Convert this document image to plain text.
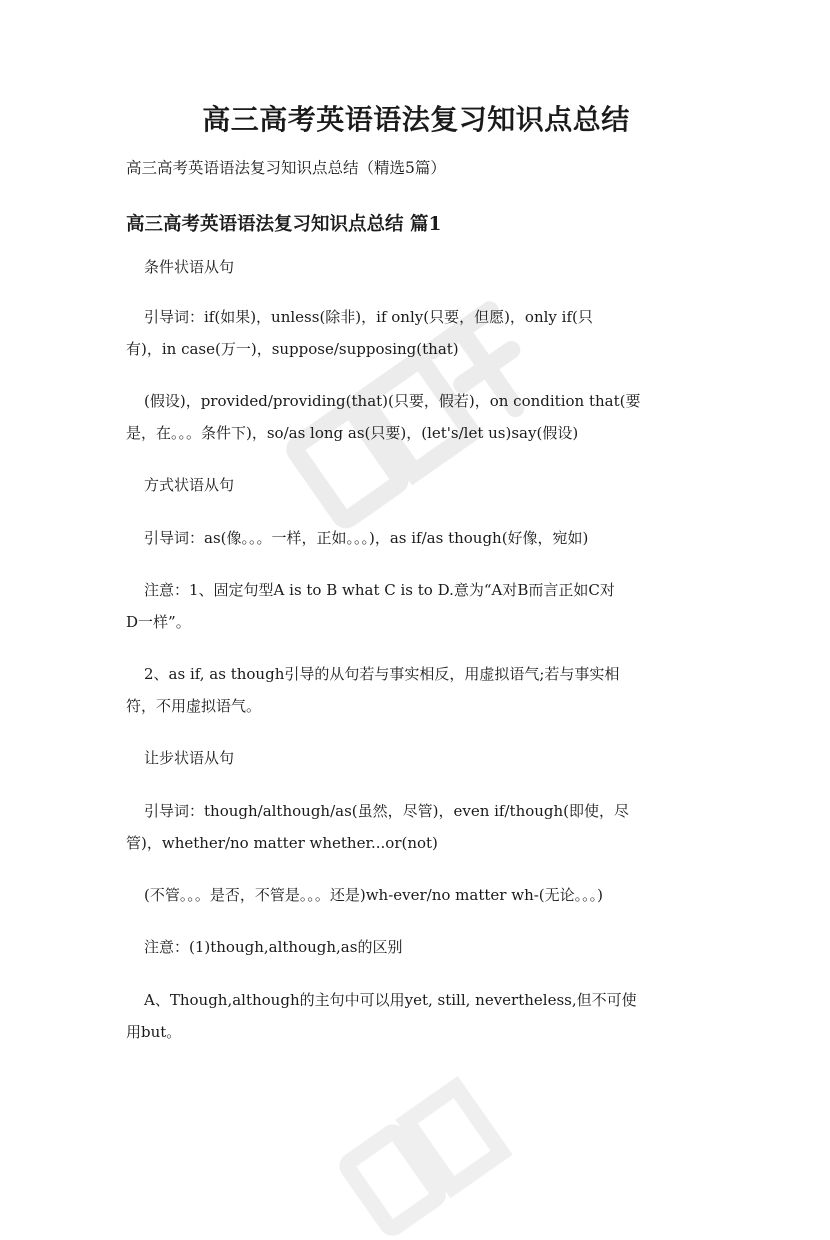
高三高考英语语法复习知识点总结

高三高考英语语法复习知识点总结（精选5篇）

高三高考英语语法复习知识点总结 篇1

条件状语从句

引导词：if(如果)，unless(除非)，if only(只要，但愿)，only if(只
有)，in case(万一)，suppose/supposing(that)

(假设)，provided/providing(that)(只要，假若)，on condition that(要
是，在。。。条件下)，so/as long as(只要)，(let's/let us)say(假设)

方式状语从句

引导词：as(像。。。一样，正如。。。)，as if/as though(好像，宛如)

注意：1、固定句型A is to B what C is to D.意为“A对B而言正如C对
D一样”。

2、as if, as though引导的从句若与事实相反，用虚拟语气;若与事实相
符，不用虚拟语气。

让步状语从句

引导词：though/although/as(虽然，尽管)，even if/though(即使，尽
管)，whether/no matter whether...or(not)

(不管。。。是否，不管是。。。还是)wh-ever/no matter wh-(无论。。。)

注意：(1)though,although,as的区别

A、Though,although的主句中可以用yet, still, nevertheless,但不可使
用but。
